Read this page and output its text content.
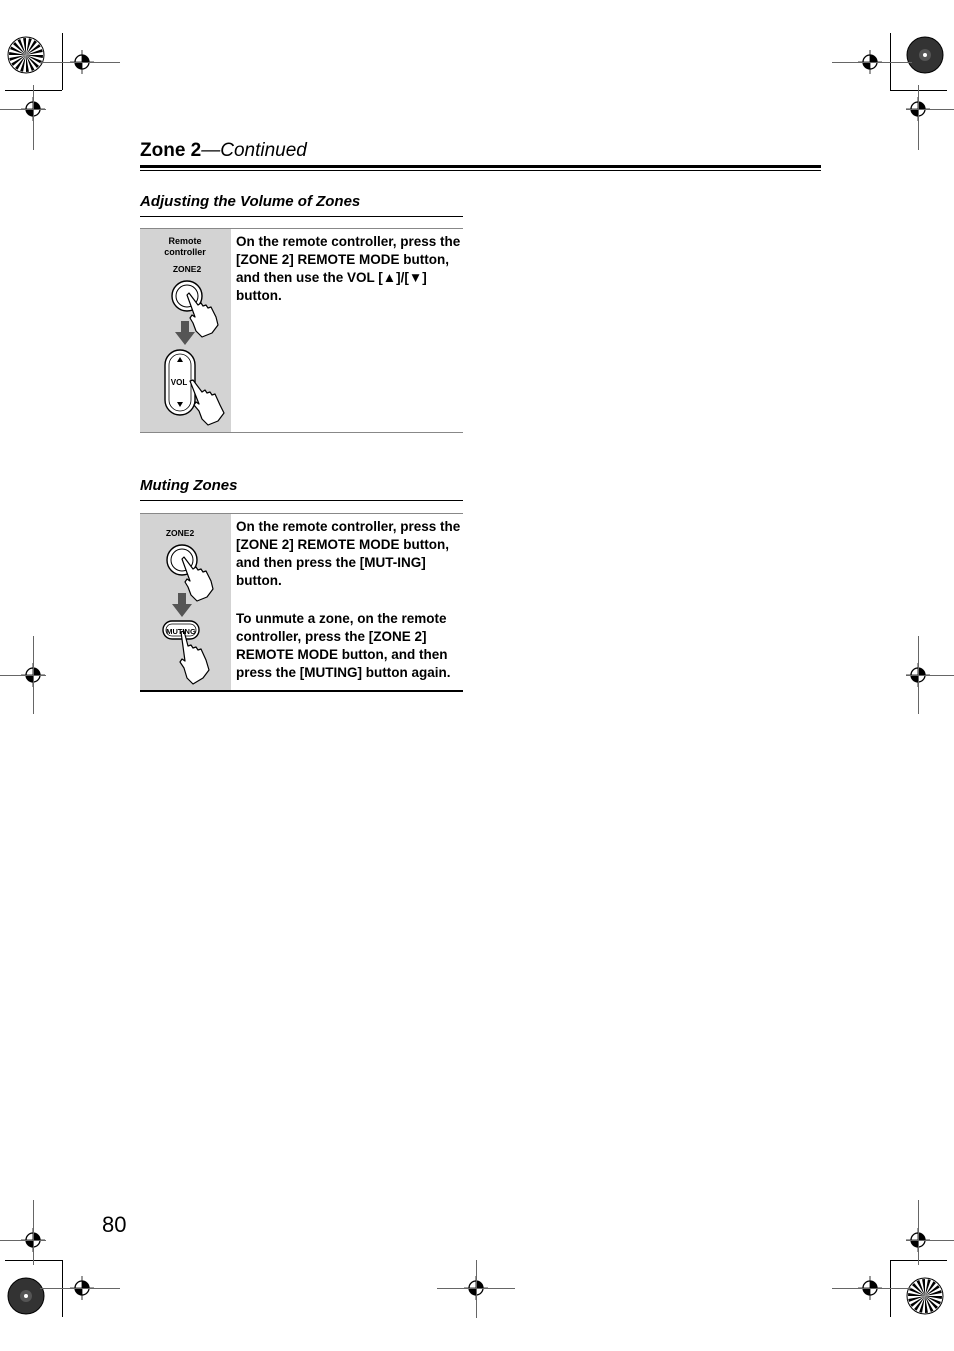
Zone 2—Continued
Adjusting the Volume of Zones
Remote
controller
ZONE2
VOL

On the remote controller, press the [ZONE 2] REMOTE MODE button, and then use the VOL [▲]/[▼] button.

Muting Zones
ZONE2
MUTING

On the remote controller, press the [ZONE 2] REMOTE MODE button, and then press the [MUT-ING] button.

To unmute a zone, on the remote controller, press the [ZONE 2] REMOTE MODE button, and then press the [MUTING] button again.

80
